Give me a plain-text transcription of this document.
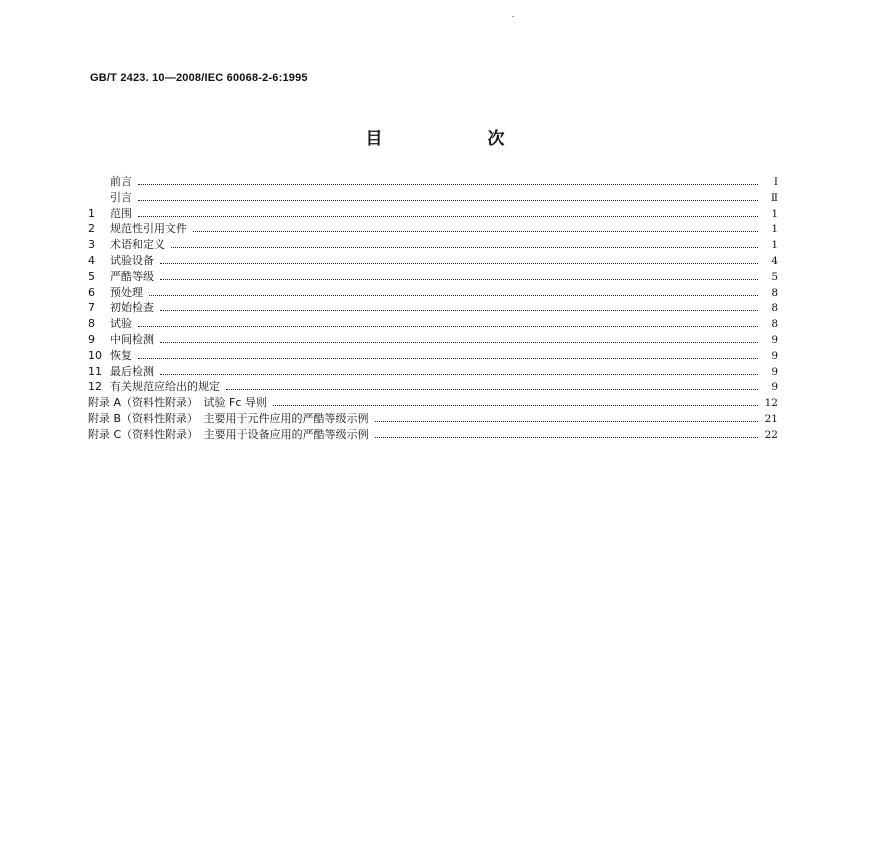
GB/T 2423. 10—2008/IEC 60068-2-6:1995
目　次
前言	Ⅰ
引言	Ⅱ
1 范围	1
2 规范性引用文件	1
3 术语和定义	1
4 试验设备	4
5 严酷等级	5
6 预处理	8
7 初始检查	8
8 试验	8
9 中间检测	9
10 恢复	9
11 最后检测	9
12 有关规范应给出的规定	9
附录 A（资料性附录）　试验 Fc 导则	12
附录 B（资料性附录）　主要用于元件应用的严酷等级示例	21
附录 C（资料性附录）　主要用于设备应用的严酷等级示例	22
